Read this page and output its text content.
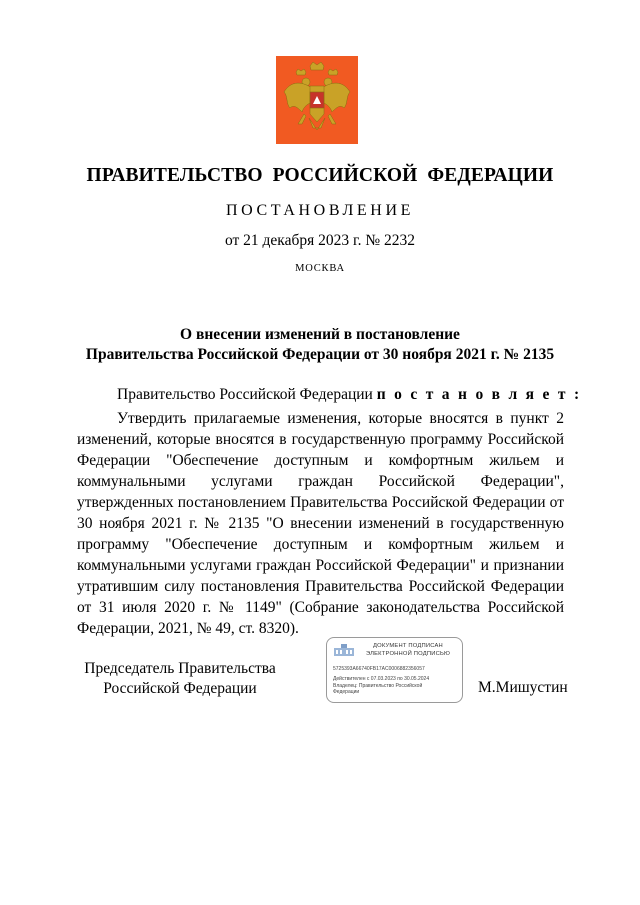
ПРАВИТЕЛЬСТВО РОССИЙСКОЙ ФЕДЕРАЦИИ
ПОСТАНОВЛЕНИЕ
от 21 декабря 2023 г. № 2232
МОСКВА
О внесении изменений в постановление
Правительства Российской Федерации от 30 ноября 2021 г. № 2135
Правительство Российской Федерации п о с т а н о в л я е т :
Утвердить прилагаемые изменения, которые вносятся в пункт 2 изменений, которые вносятся в государственную программу Российской Федерации "Обеспечение доступным и комфортным жильем и коммунальными услугами граждан Российской Федерации", утвержденных постановлением Правительства Российской Федерации от 30 ноября 2021 г. № 2135 "О внесении изменений в государственную программу "Обеспечение доступным и комфортным жильем и коммунальными услугами граждан Российской Федерации" и признании утратившим силу постановления Правительства Российской Федерации от 31 июля 2020 г. № 1149" (Собрание законодательства Российской Федерации, 2021, № 49, ст. 8320).
Председатель Правительства
Российской Федерации
ДОКУМЕНТ ПОДПИСАН
ЭЛЕКТРОННОЙ ПОДПИСЬЮ
5725393A66740FB17AC0006882356057
Действителен с 07.03.2023 по 30.05.2024
Владелец: Правительство Российской
Федерации	М.Мишустин
